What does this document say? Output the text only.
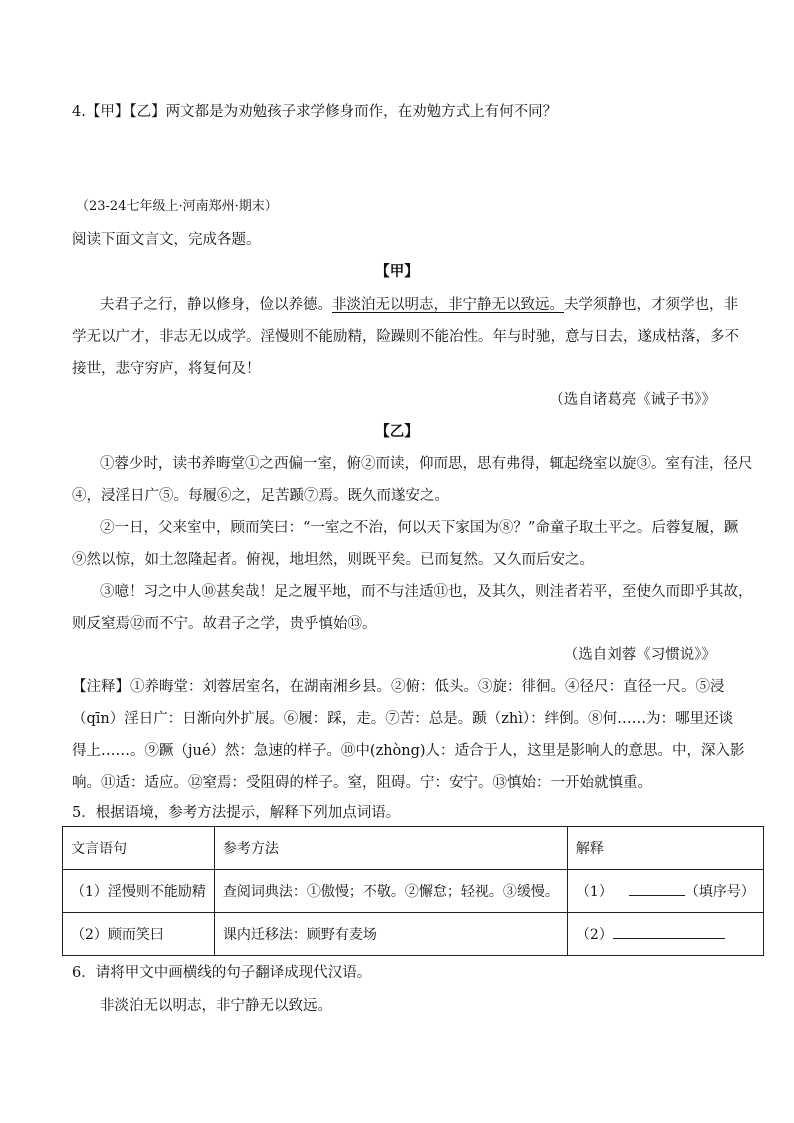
4.【甲】【乙】两文都是为劝勉孩子求学修身而作，在劝勉方式上有何不同？
（23-24七年级上·河南郑州·期末）
阅读下面文言文，完成各题。
【甲】
夫君子之行，静以修身，俭以养德。非淡泊无以明志，非宁静无以致远。夫学须静也，才须学也，非
学无以广才，非志无以成学。淫慢则不能励精，险躁则不能冶性。年与时驰，意与日去，遂成枯落，多不
接世，悲守穷庐，将复何及！
（选自诸葛亮《诫子书》》
【乙】
①蓉少时，读书养晦堂①之西偏一室，俯②而读，仰而思，思有弗得，辄起绕室以旋③。室有洼，径尺
④，浸淫日广⑤。每履⑥之，足苦踬⑦焉。既久而遂安之。
②一日，父来室中，顾而笑曰：“一室之不治，何以天下家国为⑧？”命童子取土平之。后蓉复履，蹶
⑨然以惊，如土忽隆起者。俯视，地坦然，则既平矣。已而复然。又久而后安之。
③噫！习之中人⑩甚矣哉！足之履平地，而不与洼适⑪也，及其久，则洼者若平，至使久而即乎其故，
则反窒焉⑫而不宁。故君子之学，贵乎慎始⑬。
（选自刘蓉《习惯说》》
【注释】①养晦堂：刘蓉居室名，在湖南湘乡县。②俯：低头。③旋：徘徊。④径尺：直径一尺。⑤浸
（qīn）淫日广：日渐向外扩展。⑥履：踩，走。⑦苦：总是。踬（zhì）：绊倒。⑧何……为：哪里还谈
得上……。⑨蹶（jué）然：急速的样子。⑩中(zhòng)人：适合于人，这里是影响人的意思。中，深入影
响。⑪适：适应。⑫窒焉：受阻碍的样子。窒，阻碍。宁：安宁。⑬慎始：一开始就慎重。
5．根据语境，参考方法提示，解释下列加点词语。
文言语句	参考方法	解释
（1）淫慢则不能励精	查阅词典法：①傲慢；不敬。②懈怠；轻视。③缓慢。	（1） （填序号）
（2）顾而笑曰	课内迁移法：顾野有麦场	（2）
6．请将甲文中画横线的句子翻译成现代汉语。
非淡泊无以明志，非宁静无以致远。
